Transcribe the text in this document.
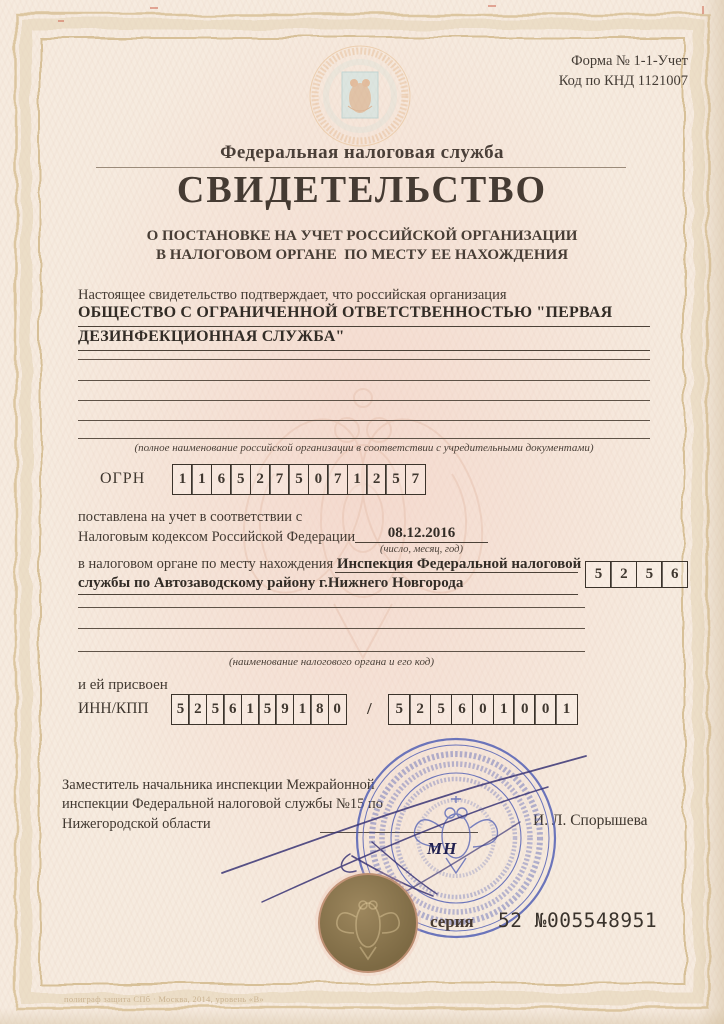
Форма № 1-1-Учет
Код по КНД 1121007
Федеральная налоговая служба
СВИДЕТЕЛЬСТВО
О ПОСТАНОВКЕ НА УЧЕТ РОССИЙСКОЙ ОРГАНИЗАЦИИ
В НАЛОГОВОМ ОРГАНЕ  ПО МЕСТУ ЕЕ НАХОЖДЕНИЯ
Настоящее свидетельство подтверждает, что российская организация
ОБЩЕСТВО С ОГРАНИЧЕННОЙ ОТВЕТСТВЕННОСТЬЮ "ПЕРВАЯ
ДЕЗИНФЕКЦИОННАЯ СЛУЖБА"
(полное наименование российской организации в соответствии с учредительными документами)
ОГРН	1 1 6 5 2 7 5 0 7 1 2 5 7
поставлена на учет в соответствии с
Налоговым кодексом Российской Федерации	08.12.2016
(число, месяц, год)
в налоговом органе по месту нахождения Инспекция Федеральной налоговой
службы по Автозаводскому району г.Нижнего Новгорода
5	2	5	6
(наименование налогового органа и его код)
и ей присвоен
ИНН/КПП	5 2 5 6 1 5 9 1 8 0	/	5 2 5 6 0 1 0 0 1
Заместитель начальника инспекции Межрайонной инспекции Федеральной налоговой службы №15 по Нижегородской области	И. Л. Спорышева
МН
серия 52 №005548951
полиграф защита СПб · Москва, 2014, уровень «В»
